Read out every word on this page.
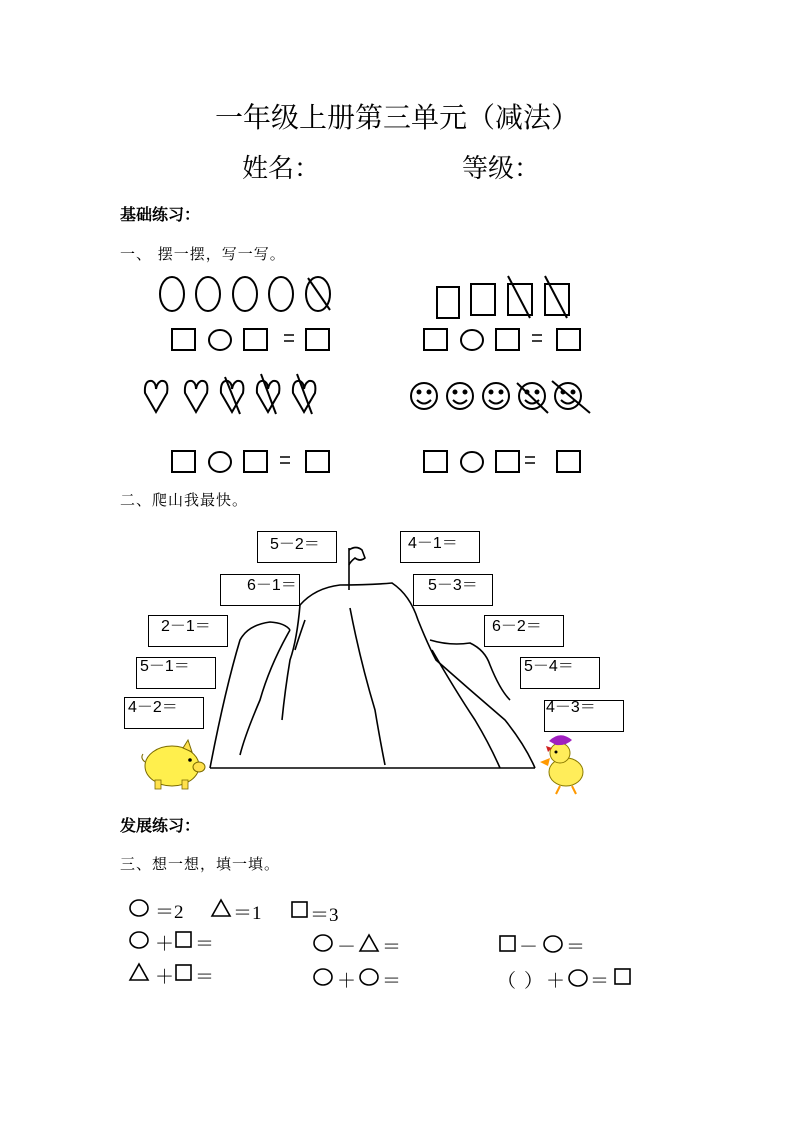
一年级上册第三单元（减法）
姓名：	等级：
基础练习：
一、 摆一摆，写一写。
二、爬山我最快。
5－2＝
6－1＝
2－1＝
5－1＝
4－2＝
4－1＝
5－3＝
6－2＝
5－4＝
4－3＝
发展练习：
三、想一想，填一填。
＝2	＝1	＝3
＋ ＝	－ ＝	－ ＝
＋ ＝	＋ ＝	（ ） ＋ ＝
